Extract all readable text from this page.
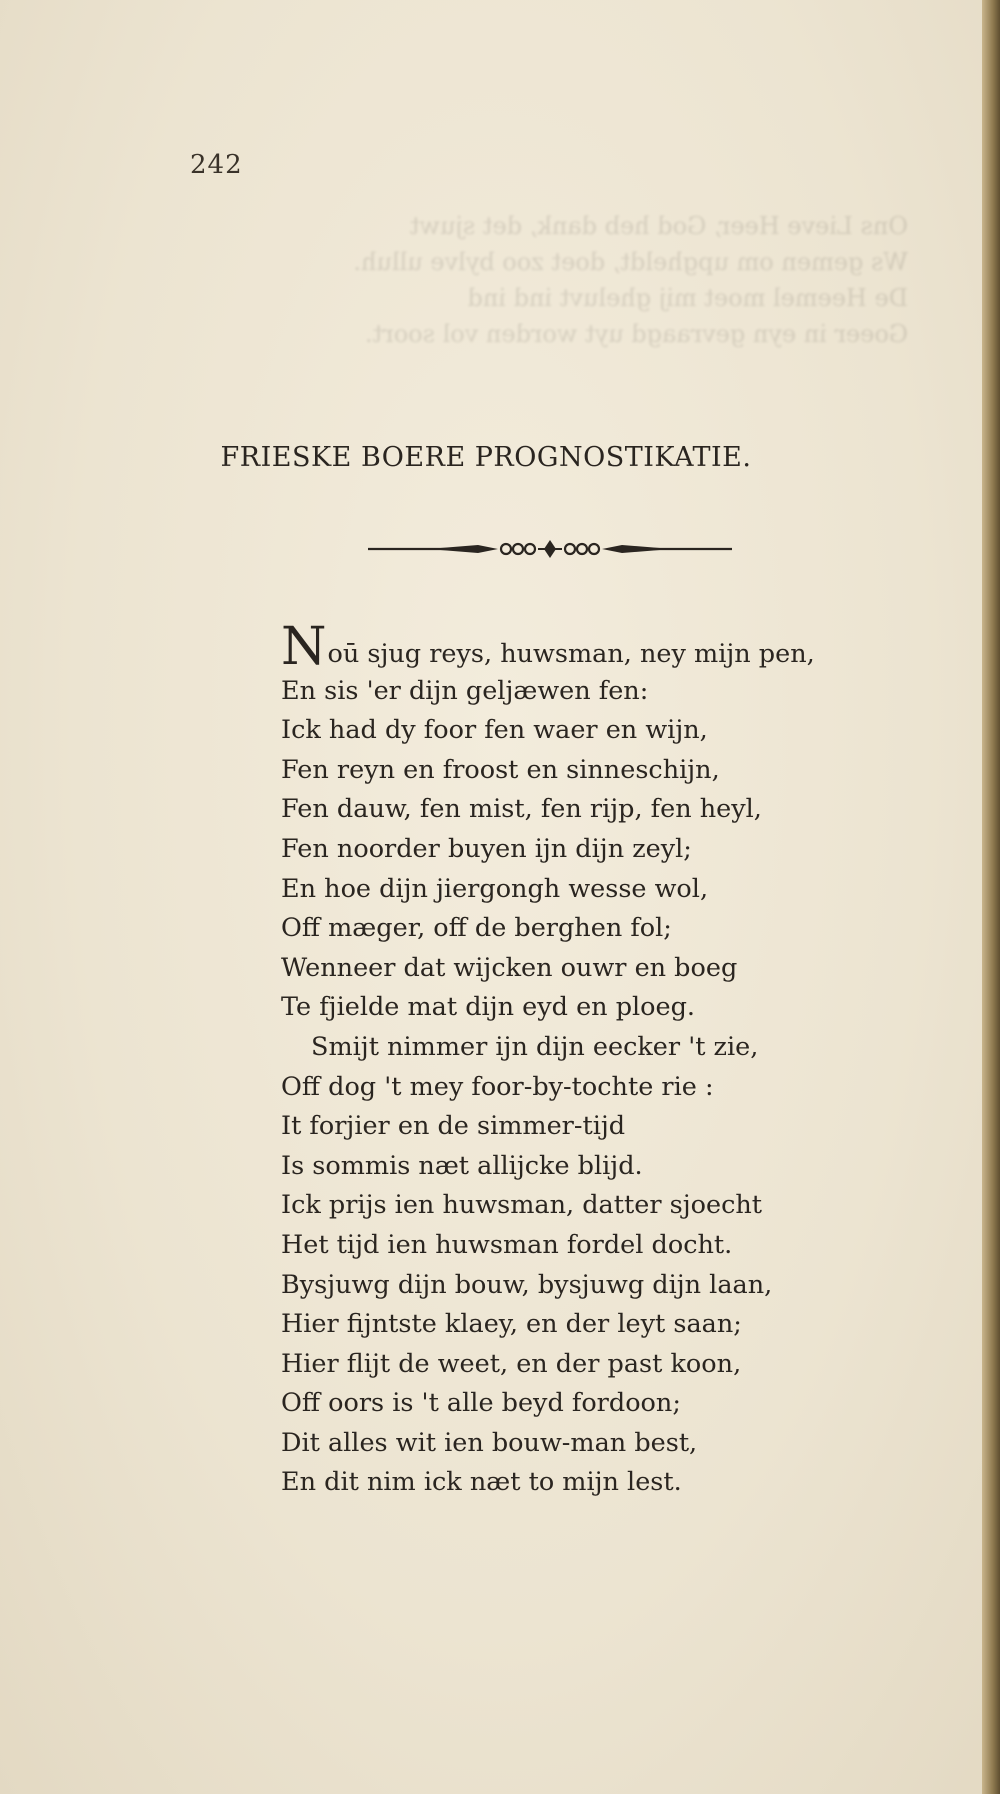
242
Ons Lieve Heer, God heb dank, det sjuwt
Ws gemen om upgheldt, doet zoo bylve ulluh.
De Heemel moet mij gheluvt ind ind
Goeer in eyn gevraagd uyt worden vol soort.
FRIESKE BOERE PROGNOSTIKATIE.
Noū sjug reys, huwsman, ney mijn pen,
En sis 'er dijn geljæwen fen:
Ick had dy foor fen waer en wijn,
Fen reyn en froost en sinneschijn,
Fen dauw, fen mist, fen rijp, fen heyl,
Fen noorder buyen ijn dijn zeyl;
En hoe dijn jiergongh wesse wol,
Off mæger, off de berghen fol;
Wenneer dat wijcken ouwr en boeg
Te fjielde mat dijn eyd en ploeg.
Smijt nimmer ijn dijn eecker 't zie,
Off dog 't mey foor-by-tochte rie :
It forjier en de simmer-tijd
Is sommis næt allijcke blijd.
Ick prijs ien huwsman, datter sjoecht
Het tijd ien huwsman fordel docht.
Bysjuwg dijn bouw, bysjuwg dijn laan,
Hier fijntste klaey, en der leyt saan;
Hier flijt de weet, en der past koon,
Off oors is 't alle beyd fordoon;
Dit alles wit ien bouw-man best,
En dit nim ick næt to mijn lest.
